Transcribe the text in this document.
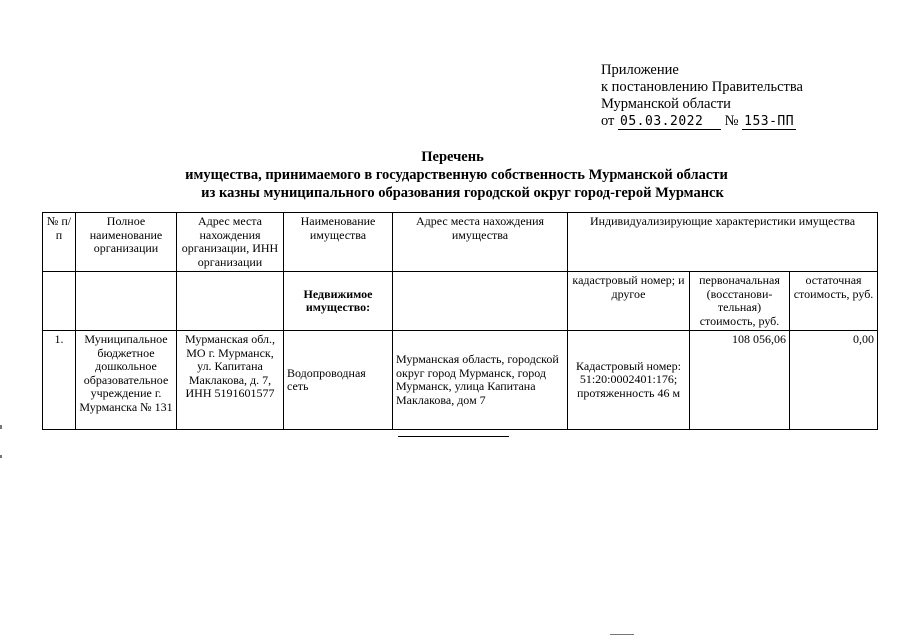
Приложение
к постановлению Правительства
Мурманской области
от 05.03.2022 № 153-ПП
Перечень
имущества, принимаемого в государственную собственность Мурманской области
из казны муниципального образования городской округ город-герой Мурманск
№ п/п	Полное наименование организации	Адрес места нахождения организации, ИНН организации	Наименование имущества	Адрес места нахождения имущества	Индивидуализирующие характеристики имущества		
			Недвижимое имущество:		кадастровый номер; и другое	первоначальная (восстанови-тельная) стоимость, руб.	остаточная стоимость, руб.
1.	Муниципальное бюджетное дошкольное образовательное учреждение г. Мурманска № 131	Мурманская обл., МО г. Мурманск, ул. Капитана Маклакова, д. 7, ИНН 5191601577	Водопроводная сеть	Мурманская область, городской округ город Мурманск, город Мурманск, улица Капитана Маклакова, дом 7	Кадастровый номер: 51:20:0002401:176; протяженность 46 м	108 056,06	0,00
